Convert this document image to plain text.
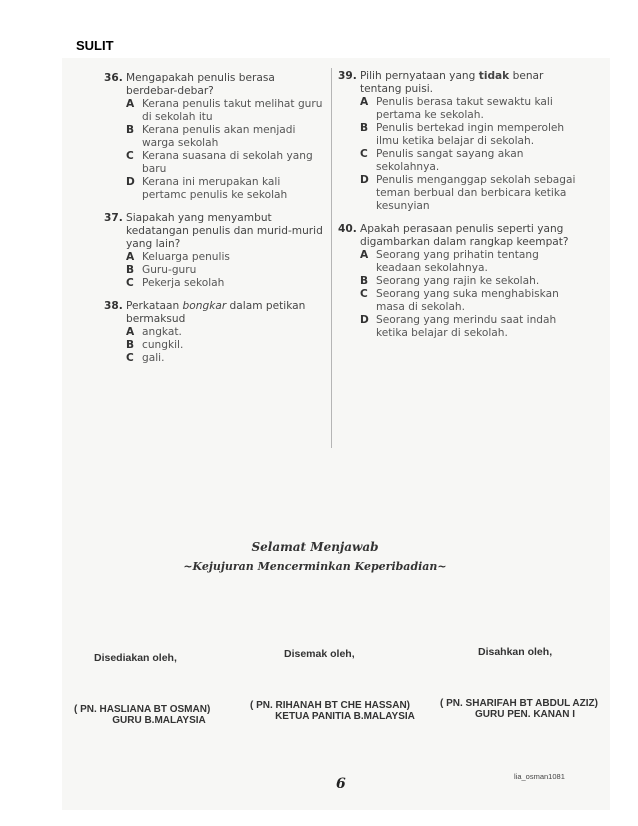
SULIT
36. Mengapakah penulis berasa berdebar-debar?
A Kerana penulis takut melihat guru di sekolah itu
B Kerana penulis akan menjadi warga sekolah
C Kerana suasana di sekolah yang baru
D Kerana ini merupakan kali pertamc penulis ke sekolah
37. Siapakah yang menyambut kedatangan penulis dan murid-murid yang lain?
A Keluarga penulis
B Guru-guru
C Pekerja sekolah
38. Perkataan bongkar dalam petikan bermaksud
A angkat.
B cungkil.
C gali.
39. Pilih pernyataan yang tidak benar tentang puisi.
A Penulis berasa takut sewaktu kali pertama ke sekolah.
B Penulis bertekad ingin memperoleh ilmu ketika belajar di sekolah.
C Penulis sangat sayang akan sekolahnya.
D Penulis menganggap sekolah sebagai teman berbual dan berbicara ketika kesunyian
40. Apakah perasaan penulis seperti yang digambarkan dalam rangkap keempat?
A Seorang yang prihatin tentang keadaan sekolahnya.
B Seorang yang rajin ke sekolah.
C Seorang yang suka menghabiskan masa di sekolah.
D Seorang yang merindu saat indah ketika belajar di sekolah.
Selamat Menjawab
~Kejujuran Mencerminkan Keperibadian~
Disediakan oleh,	Disemak oleh,	Disahkan oleh,
( PN. HASLIANA BT OSMAN)
GURU B.MALAYSIA
( PN. RIHANAH BT CHE HASSAN)
KETUA PANITIA B.MALAYSIA
( PN. SHARIFAH BT ABDUL AZIZ)
GURU PEN. KANAN I
6	lia_osman1081
